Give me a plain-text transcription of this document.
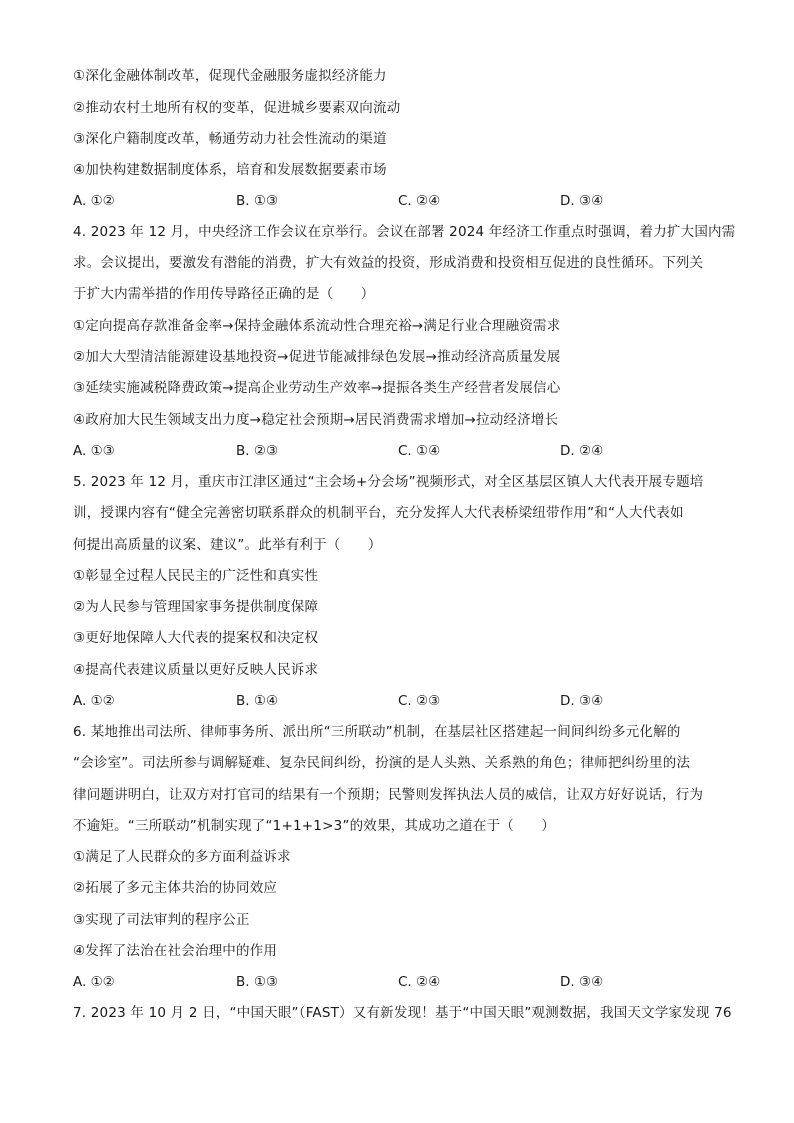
①深化金融体制改革，促现代金融服务虚拟经济能力
②推动农村土地所有权的变革，促进城乡要素双向流动
③深化户籍制度改革，畅通劳动力社会性流动的渠道
④加快构建数据制度体系，培育和发展数据要素市场
A. ①②	B. ①③	C. ②④	D. ③④
4. 2023 年 12 月，中央经济工作会议在京举行。会议在部署 2024 年经济工作重点时强调，着力扩大国内需
求。会议提出，要激发有潜能的消费，扩大有效益的投资，形成消费和投资相互促进的良性循环。下列关
于扩大内需举措的作用传导路径正确的是（　　）
①定向提高存款准备金率→保持金融体系流动性合理充裕→满足行业合理融资需求
②加大大型清洁能源建设基地投资→促进节能减排绿色发展→推动经济高质量发展
③延续实施减税降费政策→提高企业劳动生产效率→提振各类生产经营者发展信心
④政府加大民生领域支出力度→稳定社会预期→居民消费需求增加→拉动经济增长
A. ①③	B. ②③	C. ①④	D. ②④
5. 2023 年 12 月，重庆市江津区通过“主会场+分会场”视频形式，对全区基层区镇人大代表开展专题培
训，授课内容有“健全完善密切联系群众的机制平台，充分发挥人大代表桥梁纽带作用”和“人大代表如
何提出高质量的议案、建议”。此举有利于（　　）
①彰显全过程人民民主的广泛性和真实性
②为人民参与管理国家事务提供制度保障
③更好地保障人大代表的提案权和决定权
④提高代表建议质量以更好反映人民诉求
A. ①②	B. ①④	C. ②③	D. ③④
6. 某地推出司法所、律师事务所、派出所“三所联动”机制，在基层社区搭建起一间间纠纷多元化解的
“会诊室”。司法所参与调解疑难、复杂民间纠纷，扮演的是人头熟、关系熟的角色；律师把纠纷里的法
律问题讲明白，让双方对打官司的结果有一个预期；民警则发挥执法人员的威信，让双方好好说话，行为
不逾矩。“三所联动”机制实现了“1+1+1>3”的效果，其成功之道在于（　　）
①满足了人民群众的多方面利益诉求
②拓展了多元主体共治的协同效应
③实现了司法审判的程序公正
④发挥了法治在社会治理中的作用
A. ①②	B. ①③	C. ②④	D. ③④
7. 2023 年 10 月 2 日，“中国天眼”（FAST）又有新发现！基于“中国天眼”观测数据，我国天文学家发现 76
